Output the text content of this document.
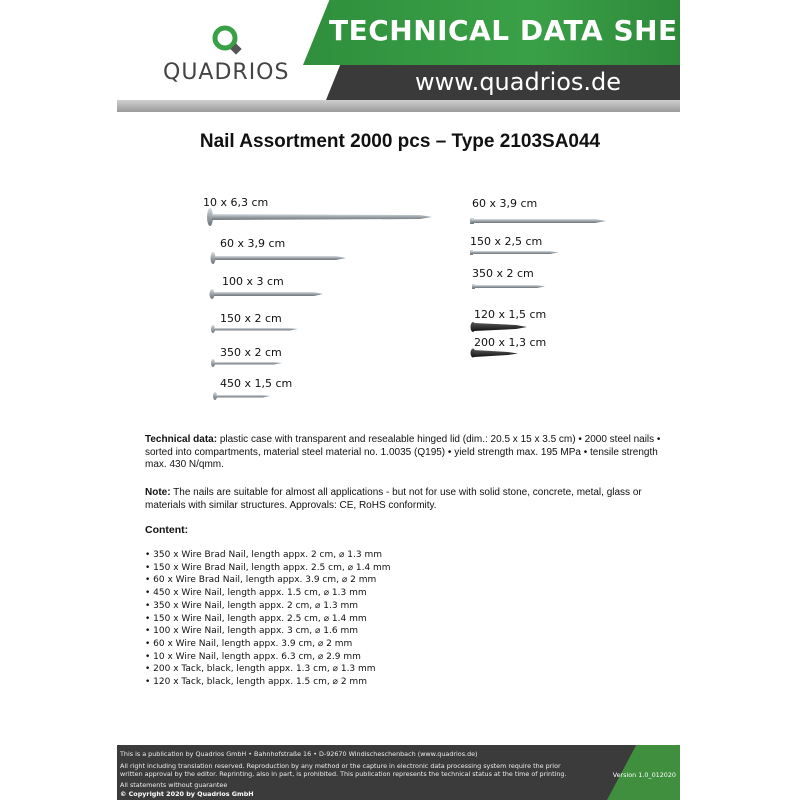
QUADRIOS
TECHNICAL DATA SHEET
www.quadrios.de
Nail Assortment 2000 pcs – Type 2103SA044
10 x 6,3 cm
60 x 3,9 cm
100 x 3 cm
150 x 2 cm
350 x 2 cm
450 x 1,5 cm
60 x 3,9 cm
150 x 2,5 cm
350 x 2 cm
120 x 1,5 cm
200 x 1,3 cm
Technical data: plastic case with transparent and resealable hinged lid (dim.: 20.5 x 15 x 3.5 cm) • 2000 steel nails • sorted into compartments, material steel material no. 1.0035 (Q195) • yield strength max. 195 MPa • tensile strength max. 430 N/qmm.
Note: The nails are suitable for almost all applications - but not for use with solid stone, concrete, metal, glass or materials with similar structures. Approvals: CE, RoHS conformity.
Content:
• 350 x Wire Brad Nail, length appx. 2 cm, ⌀ 1.3 mm
• 150 x Wire Brad Nail, length appx. 2.5 cm, ⌀ 1.4 mm
• 60 x Wire Brad Nail, length appx. 3.9 cm, ⌀ 2 mm
• 450 x Wire Nail, length appx. 1.5 cm, ⌀ 1.3 mm
• 350 x Wire Nail, length appx. 2 cm, ⌀ 1.3 mm
• 150 x Wire Nail, length appx. 2.5 cm, ⌀ 1.4 mm
• 100 x Wire Nail, length appx. 3 cm, ⌀ 1.6 mm
• 60 x Wire Nail, length appx. 3.9 cm, ⌀ 2 mm
• 10 x Wire Nail, length appx. 6.3 cm, ⌀ 2.9 mm
• 200 x Tack, black, length appx. 1.3 cm, ⌀ 1.3 mm
• 120 x Tack, black, length appx. 1.5 cm, ⌀ 2 mm
This is a publication by Quadrios GmbH • Bahnhofstraße 16 • D-92670 Windischeschenbach (www.quadrios.de)
All right including translation reserved. Reproduction by any method or the capture in electronic data processing system require the prior
written approval by the editor. Reprinting, also in part, is prohibited. This publication represents the technical status at the time of printing.
All statements without guarantee
© Copyright 2020 by Quadrios GmbH
Version 1.0_012020
